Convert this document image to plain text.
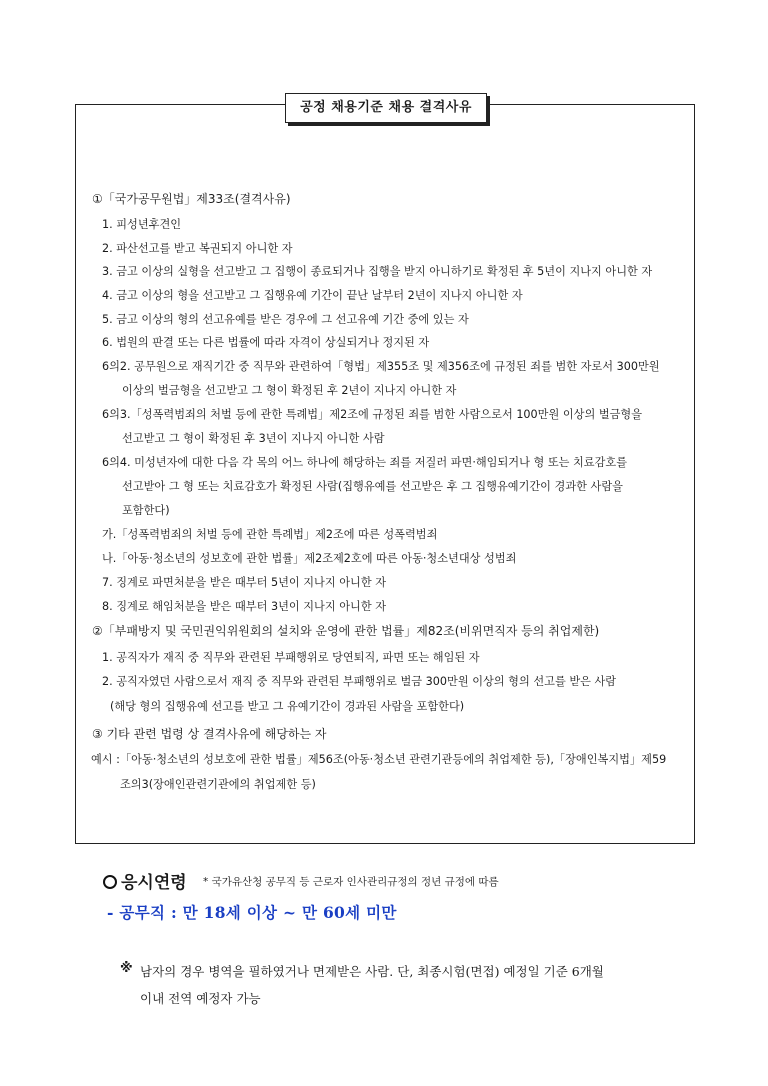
공정 채용기준 채용 결격사유
①「국가공무원법」제33조(결격사유)
1. 피성년후견인
2. 파산선고를 받고 복권되지 아니한 자
3. 금고 이상의 실형을 선고받고 그 집행이 종료되거나 집행을 받지 아니하기로 확정된 후 5년이 지나지 아니한 자
4. 금고 이상의 형을 선고받고 그 집행유예 기간이 끝난 날부터 2년이 지나지 아니한 자
5. 금고 이상의 형의 선고유예를 받은 경우에 그 선고유예 기간 중에 있는 자
6. 법원의 판결 또는 다른 법률에 따라 자격이 상실되거나 정지된 자
6의2. 공무원으로 재직기간 중 직무와 관련하여「형법」제355조 및 제356조에 규정된 죄를 범한 자로서 300만원
이상의 벌금형을 선고받고 그 형이 확정된 후 2년이 지나지 아니한 자
6의3.「성폭력범죄의 처벌 등에 관한 특례법」제2조에 규정된 죄를 범한 사람으로서 100만원 이상의 벌금형을
선고받고 그 형이 확정된 후 3년이 지나지 아니한 사람
6의4. 미성년자에 대한 다음 각 목의 어느 하나에 해당하는 죄를 저질러 파면·해임되거나 형 또는 치료감호를
선고받아 그 형 또는 치료감호가 확정된 사람(집행유예를 선고받은 후 그 집행유예기간이 경과한 사람을
포함한다)
가.「성폭력범죄의 처벌 등에 관한 특례법」제2조에 따른 성폭력범죄
나.「아동·청소년의 성보호에 관한 법률」제2조제2호에 따른 아동·청소년대상 성범죄
7. 징계로 파면처분을 받은 때부터 5년이 지나지 아니한 자
8. 징계로 해임처분을 받은 때부터 3년이 지나지 아니한 자
②「부패방지 및 국민권익위원회의 설치와 운영에 관한 법률」제82조(비위면직자 등의 취업제한)
1. 공직자가 재직 중 직무와 관련된 부패행위로 당연퇴직, 파면 또는 해임된 자
2. 공직자였던 사람으로서 재직 중 직무와 관련된 부패행위로 벌금 300만원 이상의 형의 선고를 받은 사람
(해당 형의 집행유예 선고를 받고 그 유예기간이 경과된 사람을 포함한다)
③ 기타 관련 법령 상 결격사유에 해당하는 자
예시 :「아동·청소년의 성보호에 관한 법률」제56조(아동·청소년 관련기관등에의 취업제한 등),「장애인복지법」제59
조의3(장애인관련기관에의 취업제한 등)
응시연령 * 국가유산청 공무직 등 근로자 인사관리규정의 정년 규정에 따름
- 공무직 : 만 18세 이상 ~ 만 60세 미만
※ 남자의 경우 병역을 필하였거나 면제받은 사람. 단, 최종시험(면접) 예정일 기준 6개월
이내 전역 예정자 가능
